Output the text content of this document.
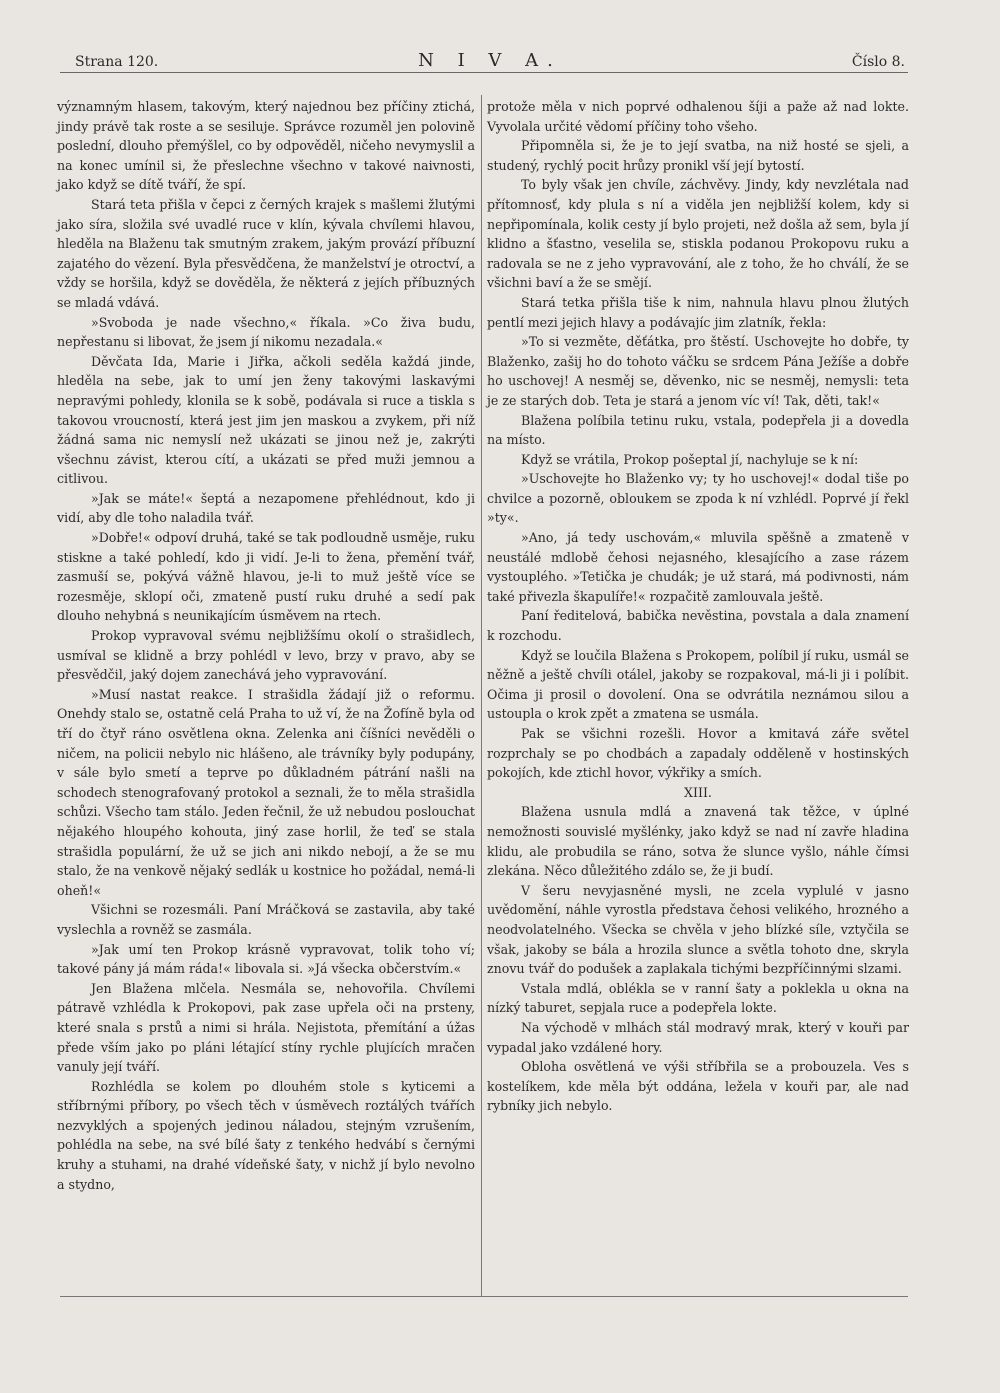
Strana 120.	N I V A.	Číslo 8.

významným hlasem, takovým, který najednou bez příčiny ztichá, jindy právě tak roste a se sesiluje. Správce rozuměl jen polovině poslední, dlouho přemýšlel, co by odpověděl, ničeho nevymyslil a na konec umínil si, že přeslechne všechno v takové naivnosti, jako když se dítě tváří, že spí.

Stará teta přišla v čepci z černých krajek s mašlemi žlutými jako síra, složila své uvadlé ruce v klín, kývala chvílemi hlavou, hleděla na Blaženu tak smutným zrakem, jakým provází příbuzní zajatého do vězení. Byla přesvědčena, že manželství je otroctví, a vždy se horšila, když se dověděla, že některá z jejích příbuzných se mladá vdává.

»Svoboda je nade všechno,« říkala. »Co živa budu, nepřestanu si libovat, že jsem jí nikomu nezadala.«

Děvčata Ida, Marie i Jiřka, ačkoli seděla každá jinde, hleděla na sebe, jak to umí jen ženy takovými laskavými nepravými pohledy, klonila se k sobě, podávala si ruce a tiskla s takovou vroucností, která jest jim jen maskou a zvykem, při níž žádná sama nic nemyslí než ukázati se jinou než je, zakrýti všechnu závist, kterou cítí, a ukázati se před muži jemnou a citlivou.

»Jak se máte!« šeptá a nezapomene přehlédnout, kdo ji vidí, aby dle toho naladila tvář.

»Dobře!« odpoví druhá, také se tak podloudně usměje, ruku stiskne a také pohledí, kdo ji vidí. Je-li to žena, přemění tvář, zasmuší se, pokývá vážně hlavou, je-li to muž ještě více se rozesměje, sklopí oči, zmateně pustí ruku druhé a sedí pak dlouho nehybná s neunikajícím úsměvem na rtech.

Prokop vypravoval svému nejbližšímu okolí o strašidlech, usmíval se klidně a brzy pohlédl v levo, brzy v pravo, aby se přesvědčil, jaký dojem zanechává jeho vypravování.

»Musí nastat reakce. I strašidla žádají již o reformu. Onehdy stalo se, ostatně celá Praha to už ví, že na Žofíně byla od tří do čtyř ráno osvětlena okna. Zelenka ani číšníci nevěděli o ničem, na policii nebylo nic hlášeno, ale trávníky byly podupány, v sále bylo smetí a teprve po důkladném pátrání našli na schodech stenografovaný protokol a seznali, že to měla strašidla schůzi. Všecho tam stálo. Jeden řečnil, že už nebudou poslouchat nějakého hloupého kohouta, jiný zase horlil, že teď se stala strašidla populární, že už se jich ani nikdo nebojí, a že se mu stalo, že na venkově nějaký sedlák u kostnice ho požádal, nemá-li oheň!«

Všichni se rozesmáli. Paní Mráčková se zastavila, aby také vyslechla a rovněž se zasmála.

»Jak umí ten Prokop krásně vypravovat, tolik toho ví; takové pány já mám ráda!« libovala si. »Já všecka občerstvím.«

Jen Blažena mlčela. Nesmála se, nehovořila. Chvílemi pátravě vzhlédla k Prokopovi, pak zase upřela oči na prsteny, které snala s prstů a nimi si hrála. Nejistota, přemítání a úžas přede vším jako po pláni létající stíny rychle plujících mračen vanuly její tváří.

Rozhlédla se kolem po dlouhém stole s kyticemi a stříbrnými příbory, po všech těch v úsměvech roztálých tvářích nezvyklých a spojených jedinou náladou, stejným vzrušením, pohlédla na sebe, na své bílé šaty z tenkého hedvábí s černými kruhy a stuhami, na drahé vídeňské šaty, v nichž jí bylo nevolno a stydno,

protože měla v nich poprvé odhalenou šíji a paže až nad lokte. Vyvolala určité vědomí příčiny toho všeho.

Připomněla si, že je to její svatba, na niž hosté se sjeli, a studený, rychlý pocit hrůzy pronikl vší její bytostí.

To byly však jen chvíle, záchvěvy. Jindy, kdy nevzlétala nad přítomnosť, kdy plula s ní a viděla jen nejbližší kolem, kdy si nepřipomínala, kolik cesty jí bylo projeti, než došla až sem, byla jí klidno a šťastno, veselila se, stiskla podanou Prokopovu ruku a radovala se ne z jeho vypravování, ale z toho, že ho chválí, že se všichni baví a že se smějí.

Stará tetka přišla tiše k nim, nahnula hlavu plnou žlutých pentlí mezi jejich hlavy a podávajíc jim zlatník, řekla:

»To si vezměte, děťátka, pro štěstí. Uschovejte ho dobře, ty Blaženko, zašij ho do tohoto váčku se srdcem Pána Ježíše a dobře ho uschovej! A nesměj se, děvenko, nic se nesměj, nemysli: teta je ze starých dob. Teta je stará a jenom víc ví! Tak, děti, tak!«

Blažena políbila tetinu ruku, vstala, podepřela ji a dovedla na místo.

Když se vrátila, Prokop pošeptal jí, nachylujе se k ní:

»Uschovejte ho Blaženko vy; ty ho uschovej!« dodal tiše po chvilce a pozorně, obloukem se zpoda k ní vzhlédl. Poprvé jí řekl »ty«.

»Ano, já tedy uschovám,« mluvila spěšně a zmateně v neustálé mdlobě čehosi nejasného, klesajícího a zase rázem vystouplého. »Tetička je chudák; je už stará, má podivnosti, nám také přivezla škapulíře!« rozpačitě zamlouvala ještě.

Paní ředitelová, babička nevěstina, povstala a dala znamení k rozchodu.

Když se loučila Blažena s Prokopem, políbil jí ruku, usmál se něžně a ještě chvíli otálel, jakoby se rozpakoval, má-li ji i políbit. Očima ji prosil o dovolení. Ona se odvrátila neznámou silou a ustoupla o krok zpět a zmatena se usmála.

Pak se všichni rozešli. Hovor a kmitavá záře světel rozprchaly se po chodbách a zapadaly odděleně v hostinských pokojích, kde ztichl hovor, výkřiky a smích.

XIII.

Blažena usnula mdlá a znavená tak těžce, v úplné nemožnosti souvislé myšlénky, jako když se nad ní zavře hladina klidu, ale probudila se ráno, sotva že slunce vyšlo, náhle čímsi zlekána. Něco důležitého zdálo se, že ji budí.

V šeru nevyjasněné mysli, ne zcela vyplulé v jasno uvědomění, náhle vyrostla představa čehosi velikého, hrozného a neodvolatelného. Všecka se chvěla v jeho blízké síle, vztyčila se však, jakoby se bála a hrozila slunce a světla tohoto dne, skryla znovu tvář do podušek a zaplakala tichými bezpříčinnými slzami.

Vstala mdlá, oblékla se v ranní šaty a poklekla u okna na nízký taburet, sepjala ruce a podepřela lokte.

Na východě v mlhách stál modravý mrak, který v kouři par vypadal jako vzdálené hory.

Obloha osvětlená ve výši stříbřila se a probouzela. Ves s kostelíkem, kde měla být oddána, ležela v kouři par, ale nad rybníky jich nebylo.
